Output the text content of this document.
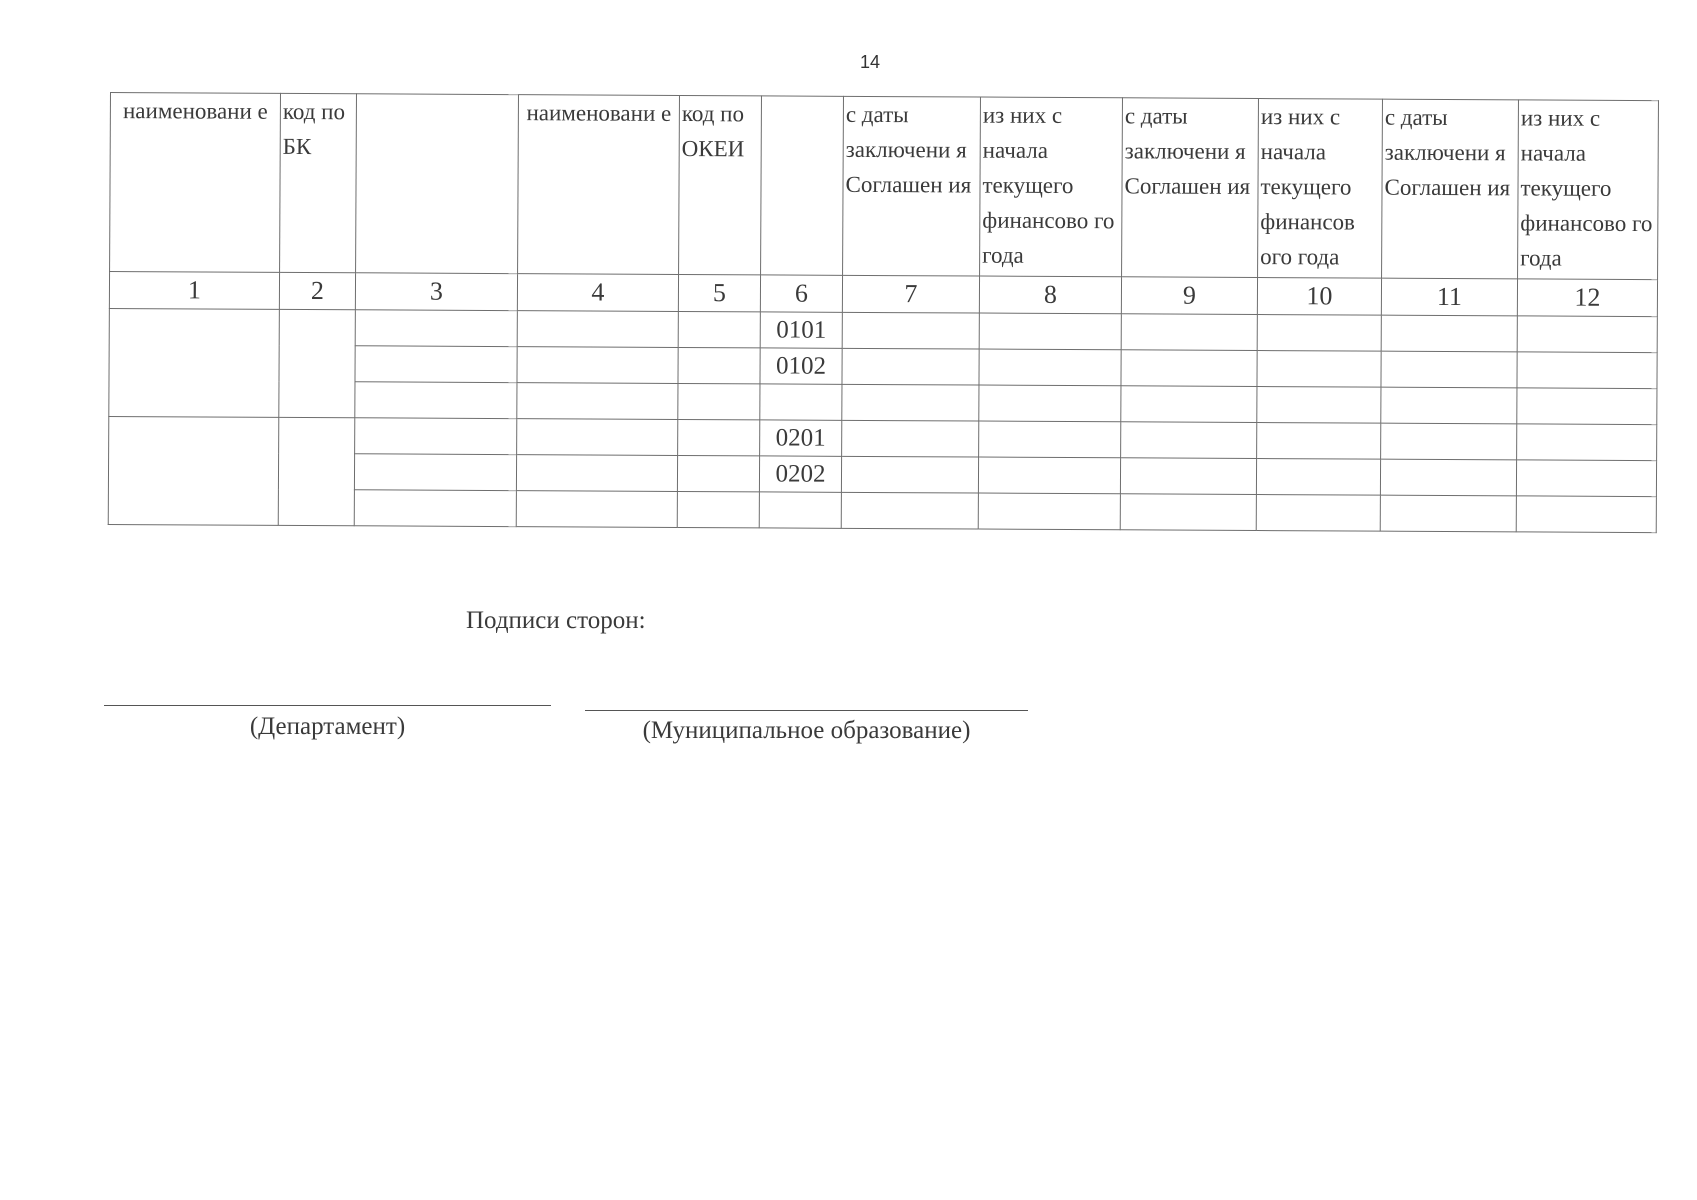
14
наименовани е	код по БК		наименовани е	код по ОКЕИ		с даты заключени я Соглашен ия	из них с начала текущего финансово го года	с даты заключени я Соглашен ия	из них с начала текущего финансов ого года	с даты заключени я Соглашен ия	из них с начала текущего финансово го года
1	2	3	4	5	6	7	8	9	10	11	12
					0101						
					0102						

					0201						
					0202						

Подписи сторон:
(Департамент)	(Муниципальное образование)
